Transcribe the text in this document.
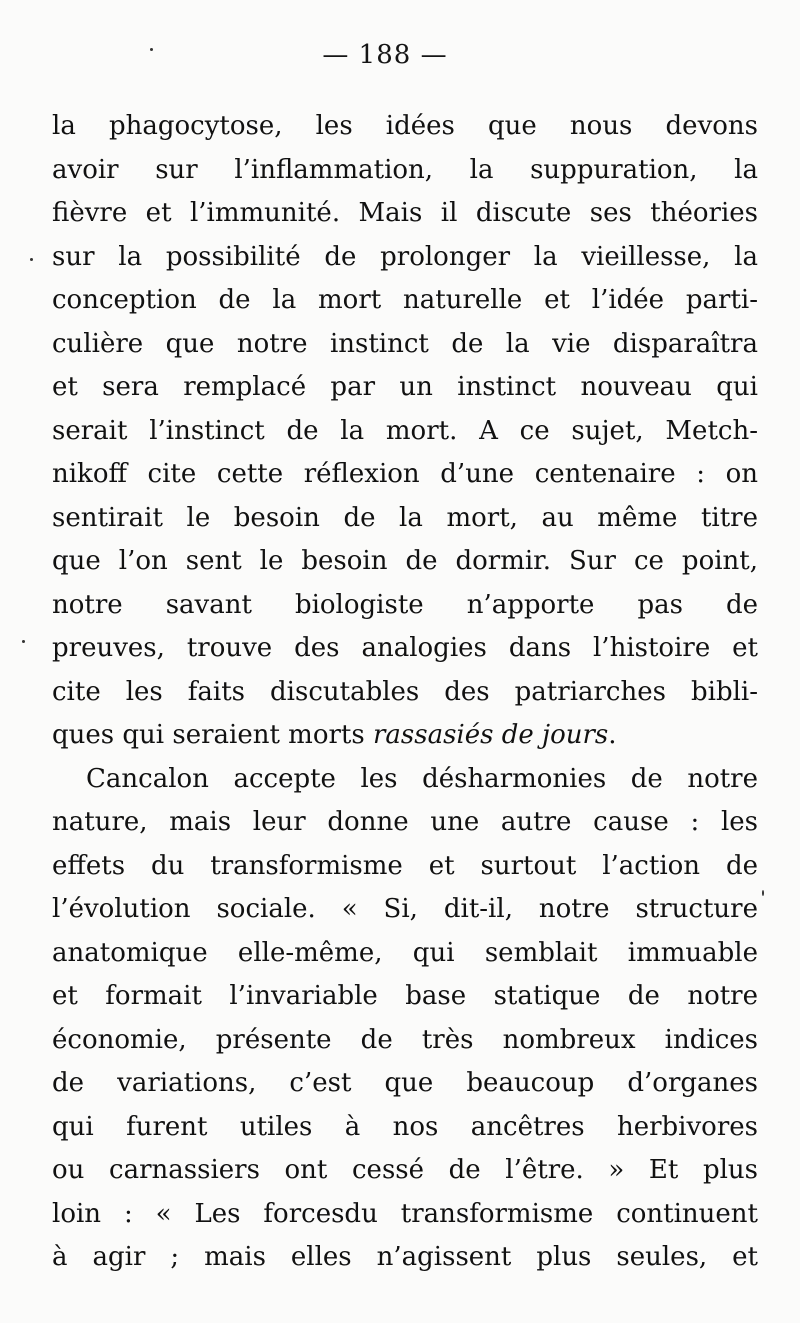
— 188 —
la phagocytose, les idées que nous devons
avoir sur l’inflammation, la suppuration, la
fièvre et l’immunité. Mais il discute ses théories
sur la possibilité de prolonger la vieillesse, la
conception de la mort naturelle et l’idée parti-
culière que notre instinct de la vie disparaîtra
et sera remplacé par un instinct nouveau qui
serait l’instinct de la mort. A ce sujet, Metch-
nikoff cite cette réflexion d’une centenaire : on
sentirait le besoin de la mort, au même titre
que l’on sent le besoin de dormir. Sur ce point,
notre savant biologiste n’apporte pas de
preuves, trouve des analogies dans l’histoire et
cite les faits discutables des patriarches bibli-
ques qui seraient morts rassasiés de jours.
Cancalon accepte les désharmonies de notre
nature, mais leur donne une autre cause : les
effets du transformisme et surtout l’action de
l’évolution sociale. « Si, dit-il, notre structure
anatomique elle-même, qui semblait immuable
et formait l’invariable base statique de notre
économie, présente de très nombreux indices
de variations, c’est que beaucoup d’organes
qui furent utiles à nos ancêtres herbivores
ou carnassiers ont cessé de l’être. » Et plus
loin : « Les forcesdu transformisme continuent
à agir ; mais elles n’agissent plus seules, et
